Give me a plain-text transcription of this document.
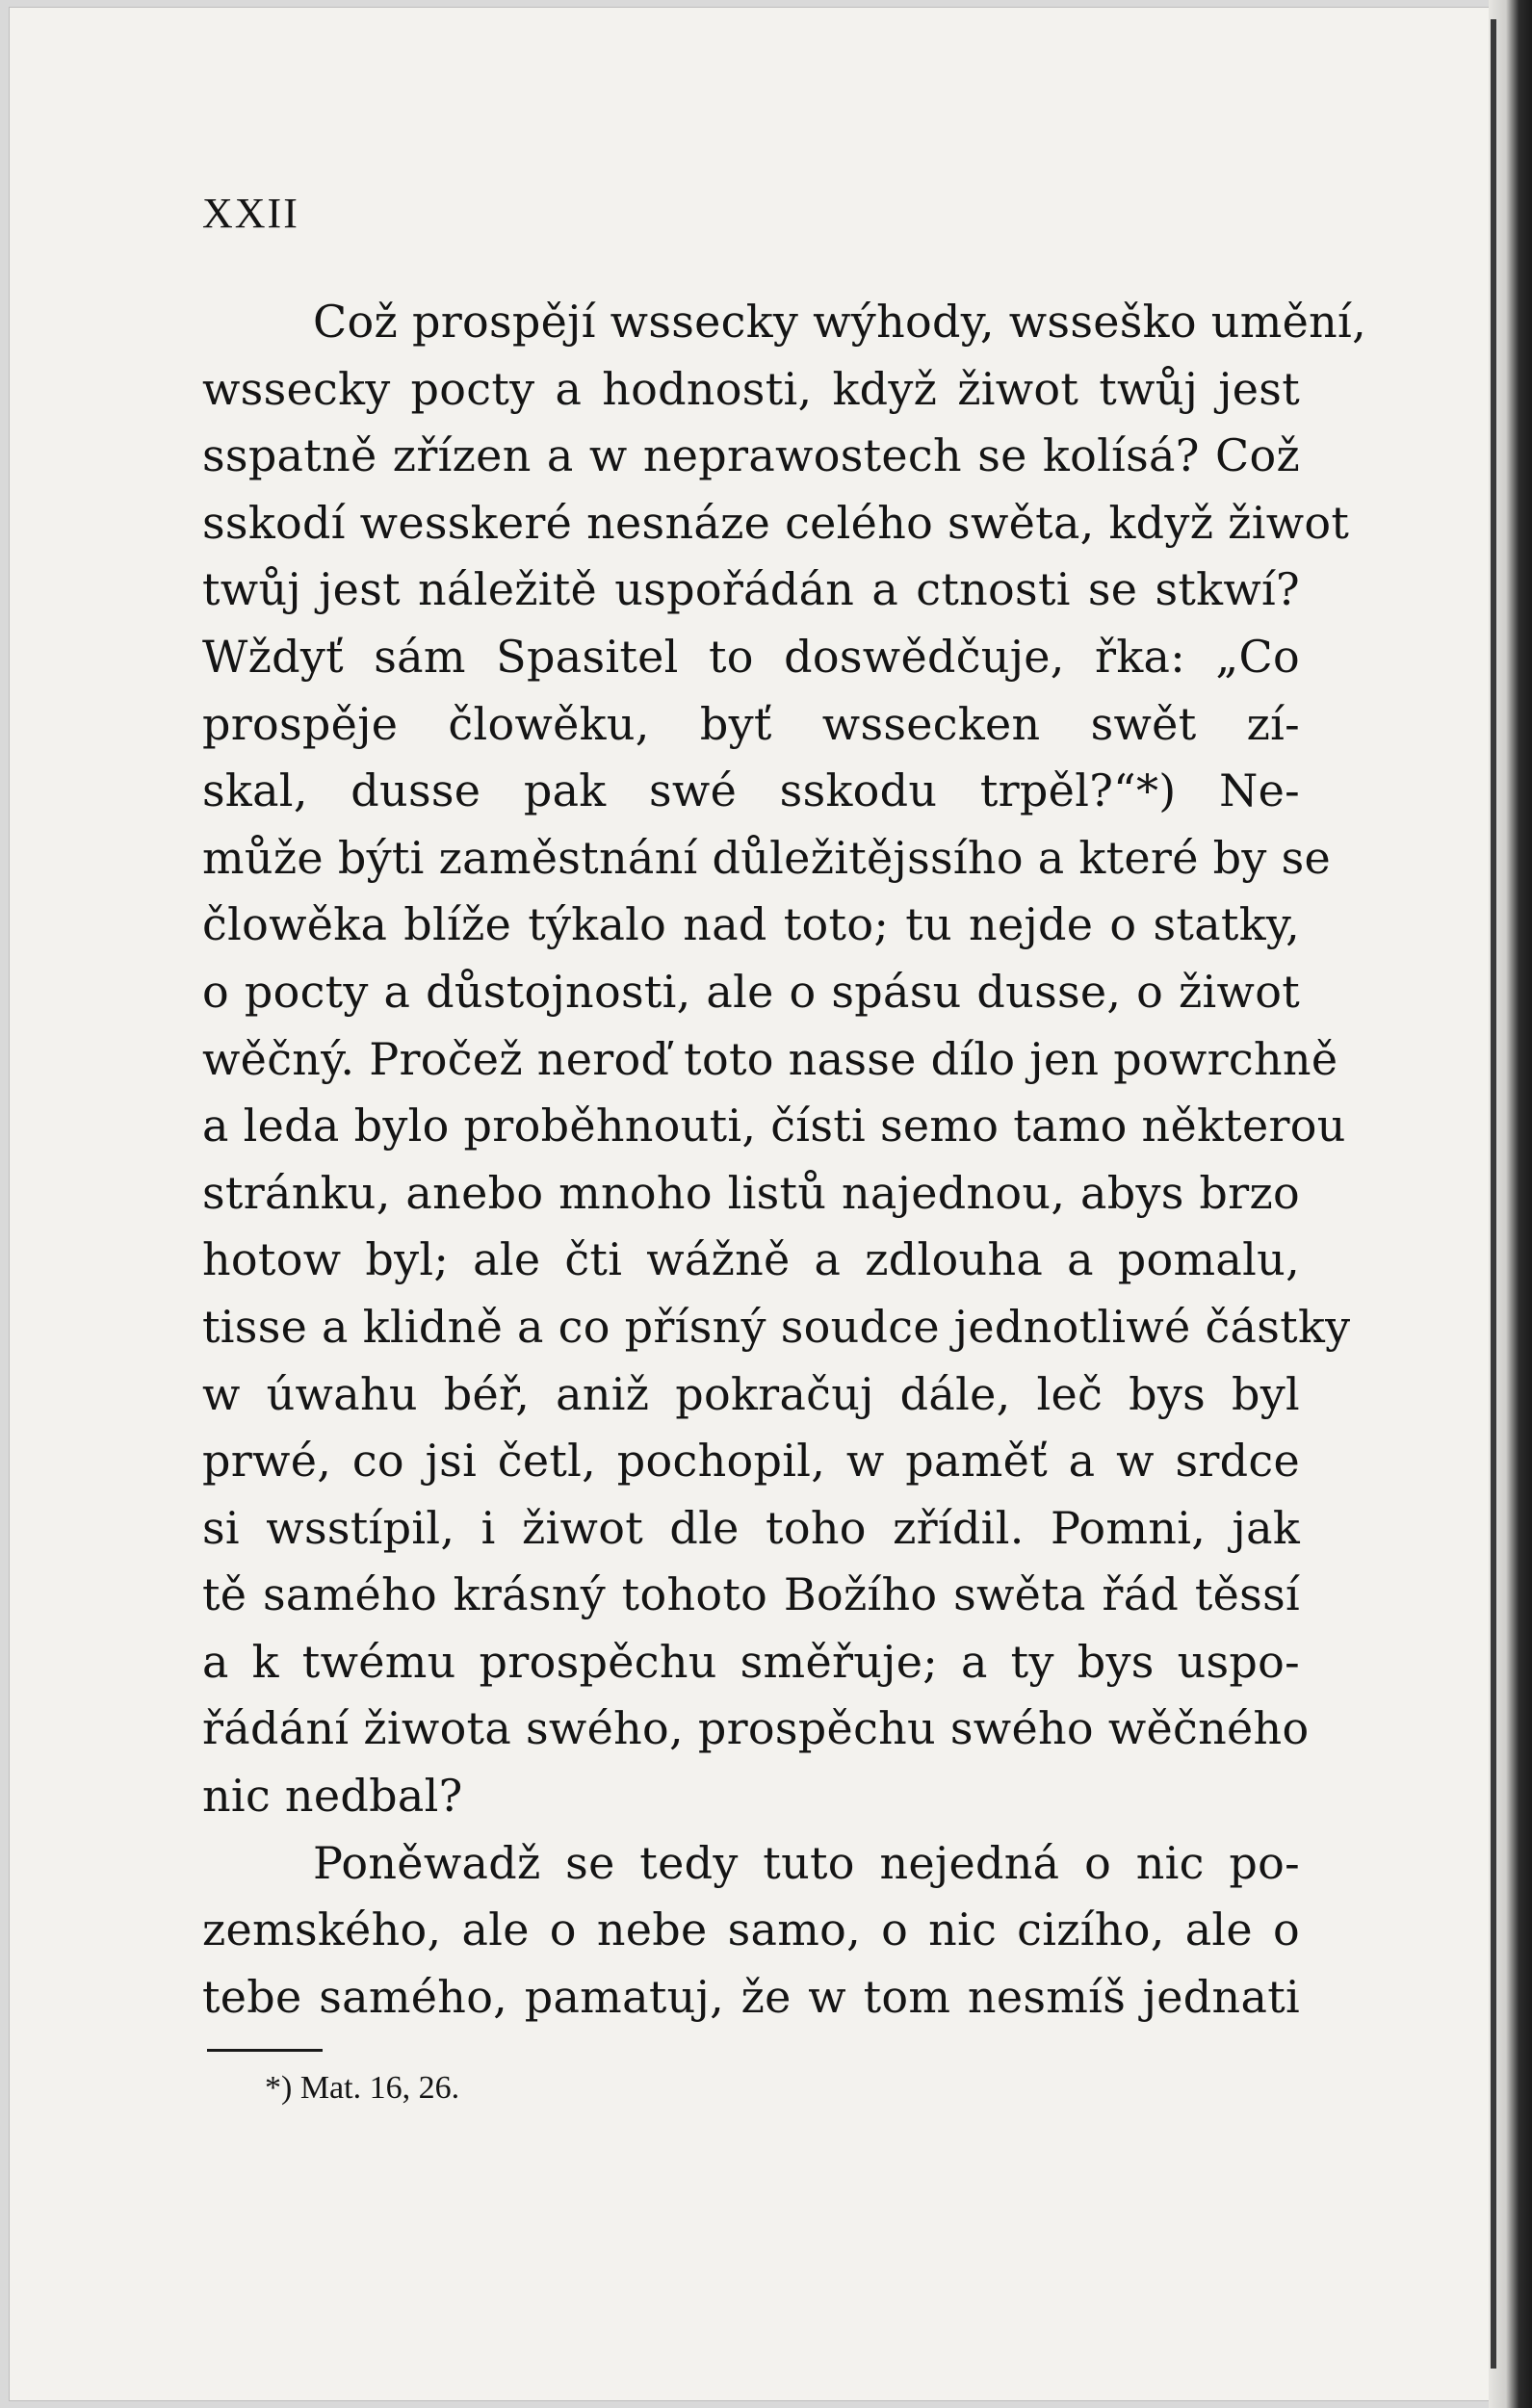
XXII
Což prospějí wssecky wýhody, wsseško umění,
wssecky pocty a hodnosti, když žiwot twůj jest
sspatně zřízen a w neprawostech se kolísá? Což
sskodí wesskeré nesnáze celého swěta, když žiwot
twůj jest náležitě uspořádán a ctnosti se stkwí?
Wždyť sám Spasitel to doswědčuje, řka: „Co
prospěje člowěku, byť wssecken swět zí-
skal, dusse pak swé sskodu trpěl?“*) Ne-
může býti zaměstnání důležitějssího a které by se
člowěka blíže týkalo nad toto; tu nejde o statky,
o pocty a důstojnosti, ale o spásu dusse, o žiwot
wěčný. Pročež neroď toto nasse dílo jen powrchně
a leda bylo proběhnouti, čísti semo tamo některou
stránku, anebo mnoho listů najednou, abys brzo
hotow byl; ale čti wážně a zdlouha a pomalu,
tisse a klidně a co přísný soudce jednotliwé částky
w úwahu béř, aniž pokračuj dále, leč bys byl
prwé, co jsi četl, pochopil, w paměť a w srdce
si wsstípil, i žiwot dle toho zřídil. Pomni, jak
tě samého krásný tohoto Božího swěta řád těssí
a k twému prospěchu směřuje; a ty bys uspo-
řádání žiwota swého, prospěchu swého wěčného
nic nedbal?
Poněwadž se tedy tuto nejedná o nic po-
zemského, ale o nebe samo, o nic cizího, ale o
tebe samého, pamatuj, že w tom nesmíš jednati
*) Mat. 16, 26.
